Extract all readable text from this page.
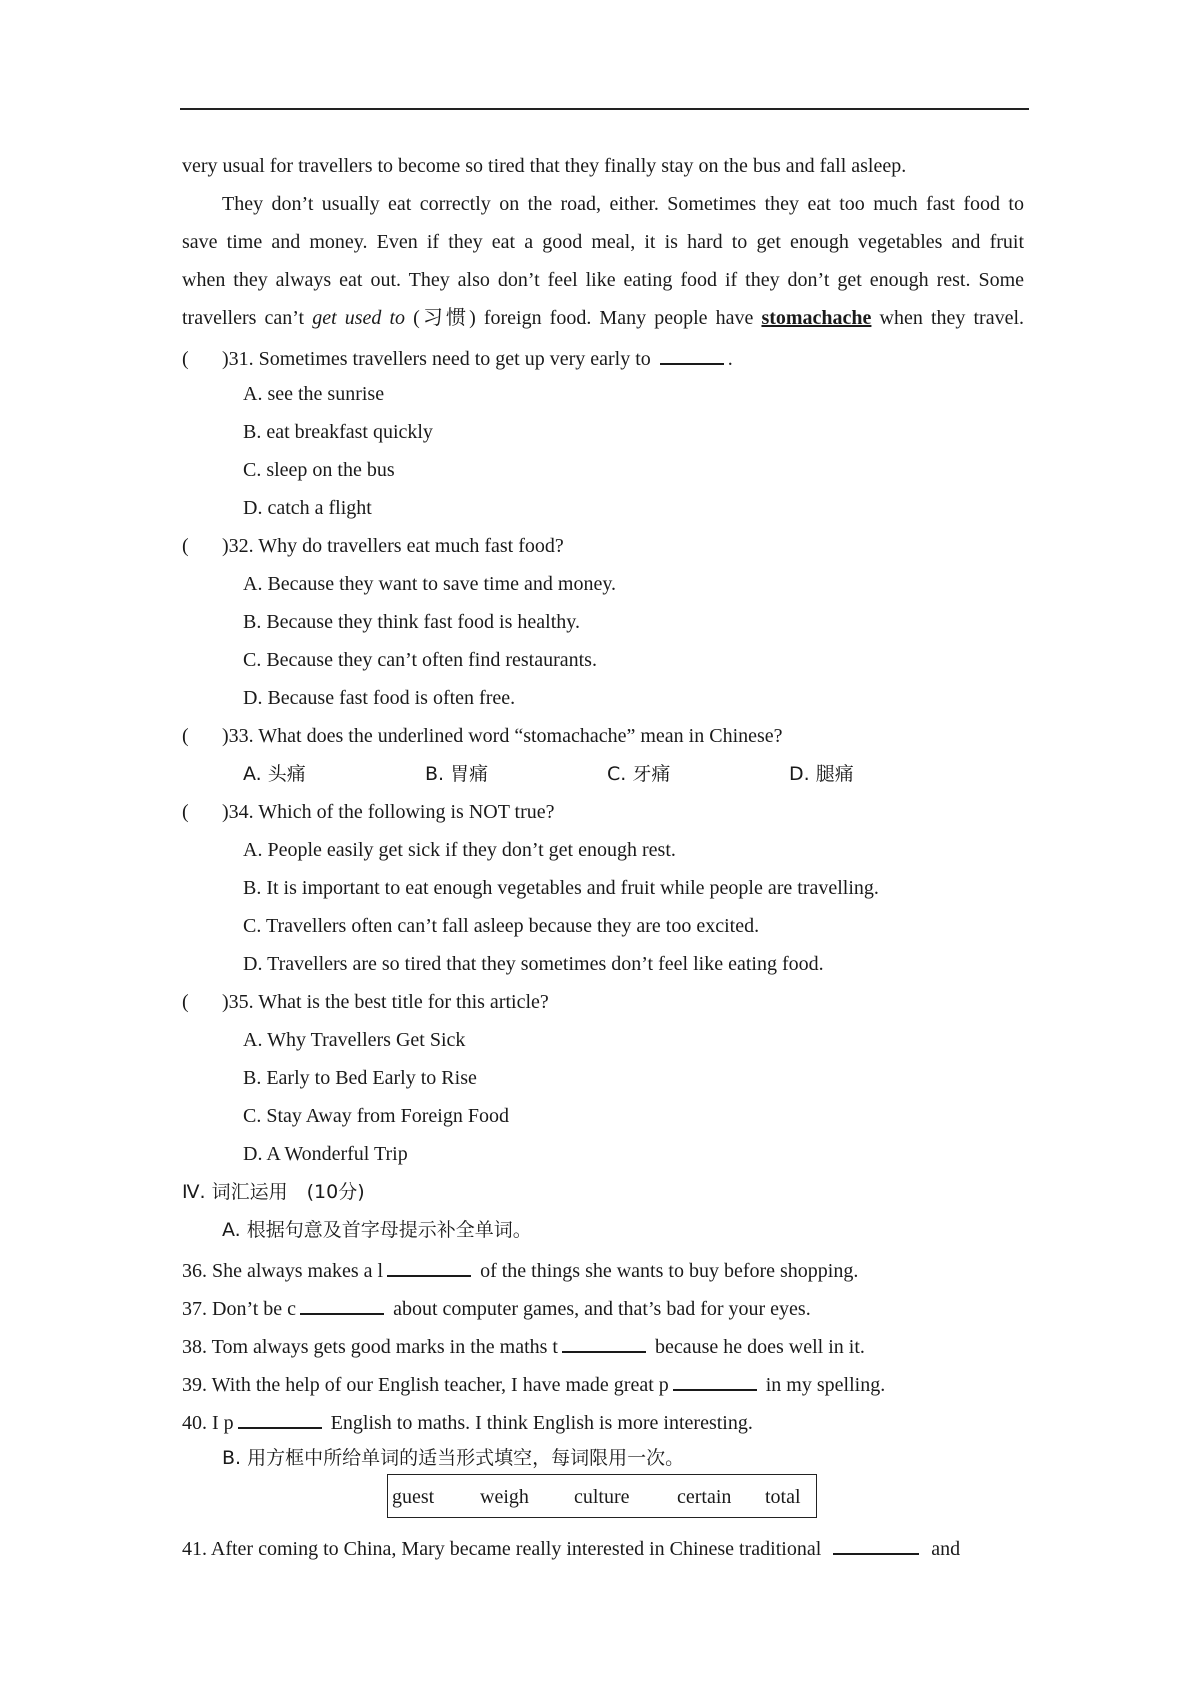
very usual for travellers to become so tired that they finally stay on the bus and fall asleep.
They don’t usually eat correctly on the road, either. Sometimes they eat too much fast food to
save time and money. Even if they eat a good meal, it is hard to get enough vegetables and fruit
when they always eat out. They also don’t feel like eating food if they don’t get enough rest. Some
travellers can’t get used to (习惯) foreign food. Many people have stomachache when they travel.
( )31. Sometimes travellers need to get up very early to	.
A. see the sunrise
B. eat breakfast quickly
C. sleep on the bus
D. catch a flight
( )32. Why do travellers eat much fast food?
A. Because they want to save time and money.
B. Because they think fast food is healthy.
C. Because they can’t often find restaurants.
D. Because fast food is often free.
( )33. What does the underlined word “stomachache” mean in Chinese?
A. 头痛	B. 胃痛	C. 牙痛	D. 腿痛
( )34. Which of the following is NOT true?
A. People easily get sick if they don’t get enough rest.
B. It is important to eat enough vegetables and fruit while people are travelling.
C. Travellers often can’t fall asleep because they are too excited.
D. Travellers are so tired that they sometimes don’t feel like eating food.
( )35. What is the best title for this article?
A. Why Travellers Get Sick
B. Early to Bed Early to Rise
C. Stay Away from Foreign Food
D. A Wonderful Trip
Ⅳ. 词汇运用　(10分)
A. 根据句意及首字母提示补全单词。
36. She always makes a l	of the things she wants to buy before shopping.
37. Don’t be c	about computer games, and that’s bad for your eyes.
38. Tom always gets good marks in the maths t	because he does well in it.
39. With the help of our English teacher, I have made great p	in my spelling.
40. I p	English to maths. I think English is more interesting.
B. 用方框中所给单词的适当形式填空，每词限用一次。
guest weigh culture certain total
41. After coming to China, Mary became really interested in Chinese traditional	and
